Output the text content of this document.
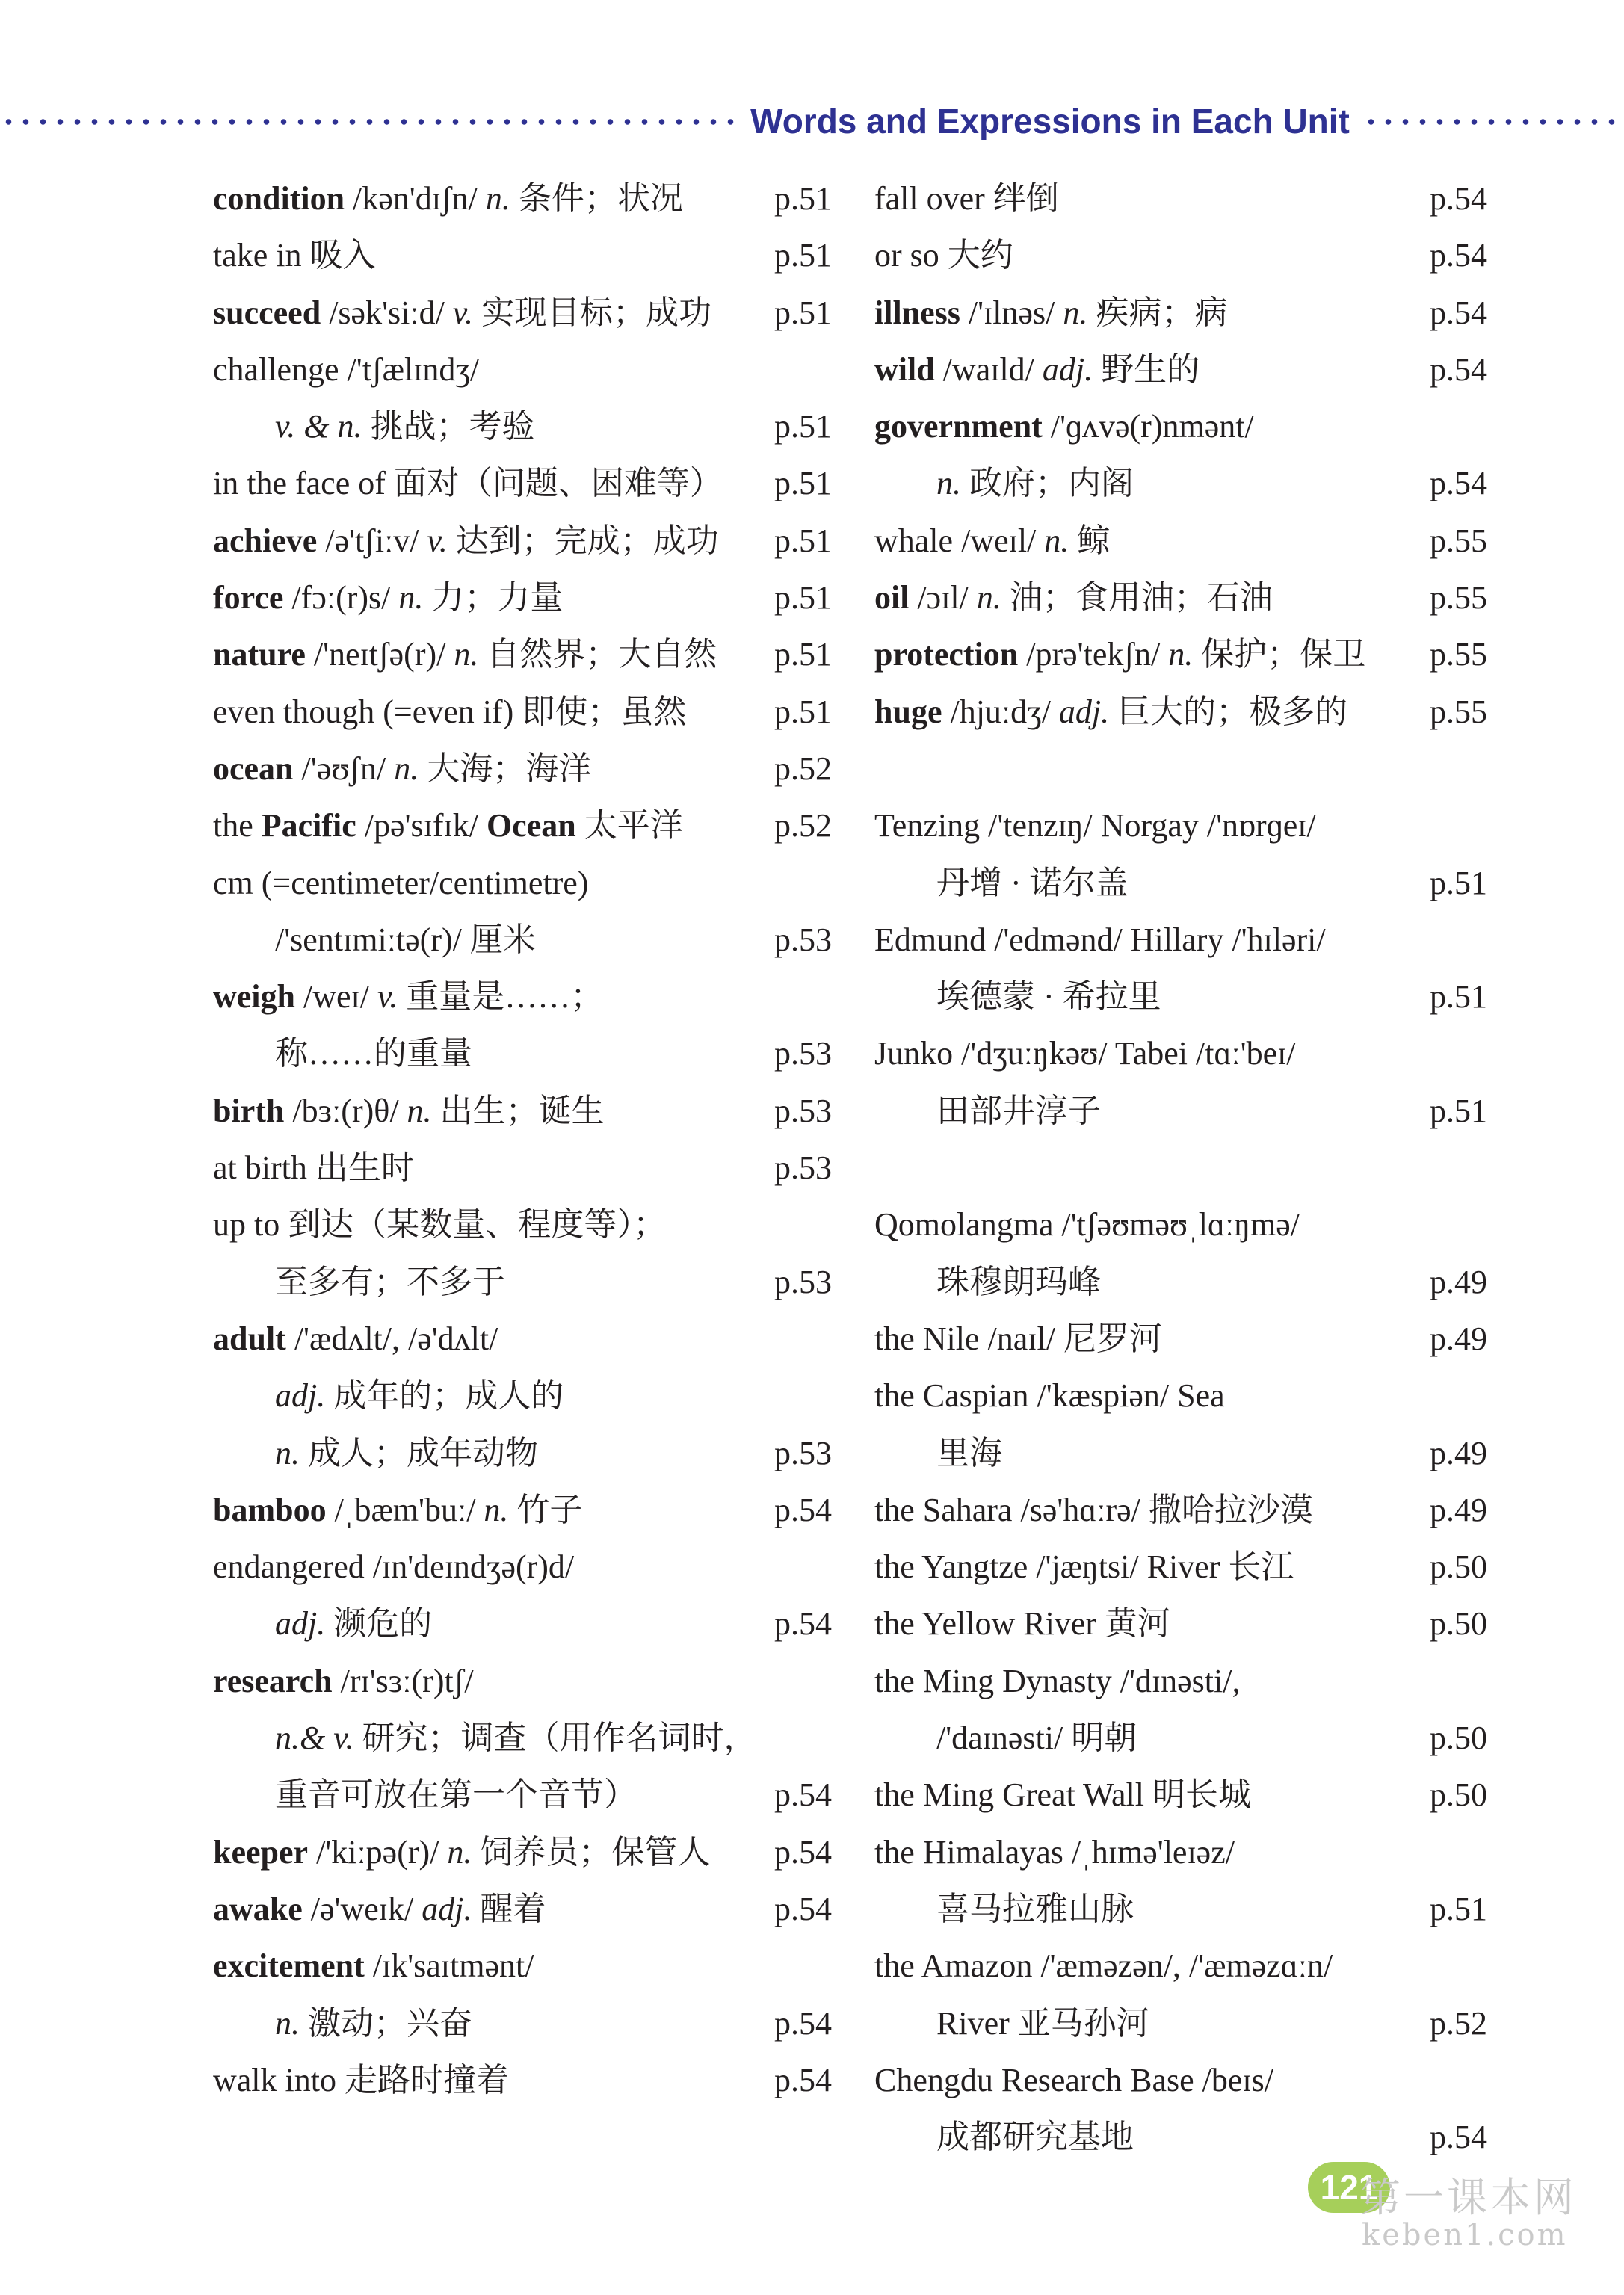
Words and Expressions in Each Unit
condition /kən'dɪʃn/ n. 条件；状况	p.51
take in 吸入	p.51
succeed /sək'siːd/ v. 实现目标；成功 p.51
challenge /'tʃælɪndʒ/
v. & n. 挑战；考验	p.51
in the face of 面对（问题、困难等） p.51
achieve /ə'tʃiːv/ v. 达到；完成；成功 p.51
force /fɔː(r)s/ n. 力；力量	p.51
nature /'neɪtʃə(r)/ n. 自然界；大自然 p.51
even though (=even if) 即使；虽然	p.51
ocean /'əʊʃn/ n. 大海；海洋	p.52
the Pacific /pə'sɪfɪk/ Ocean 太平洋	p.52
cm (=centimeter/centimetre)
/'sentɪmiːtə(r)/ 厘米	p.53
weigh /weɪ/ v. 重量是……；
称……的重量	p.53
birth /bɜː(r)θ/ n. 出生；诞生	p.53
at birth 出生时	p.53
up to 到达（某数量、程度等）；
至多有；不多于	p.53
adult /'ædʌlt/, /ə'dʌlt/
adj. 成年的；成人的
n. 成人；成年动物	p.53
bamboo /ˌbæm'buː/ n. 竹子	p.54
endangered /ɪn'deɪndʒə(r)d/
adj. 濒危的	p.54
research /rɪ'sɜː(r)tʃ/
n.& v. 研究；调查（用作名词时，
重音可放在第一个音节）	p.54
keeper /'kiːpə(r)/ n. 饲养员；保管人 p.54
awake /ə'weɪk/ adj. 醒着	p.54
excitement /ɪk'saɪtmənt/
n. 激动；兴奋	p.54
walk into 走路时撞着	p.54
fall over 绊倒	p.54
or so 大约	p.54
illness /'ɪlnəs/ n. 疾病；病	p.54
wild /waɪld/ adj. 野生的	p.54
government /'ɡʌvə(r)nmənt/
n. 政府；内阁	p.54
whale /weɪl/ n. 鲸	p.55
oil /ɔɪl/ n. 油；食用油；石油	p.55
protection /prə'tekʃn/ n. 保护；保卫 p.55
huge /hjuːdʒ/ adj. 巨大的；极多的 p.55
Tenzing /'tenzɪŋ/ Norgay /'nɒrɡeɪ/
丹增 · 诺尔盖	p.51
Edmund /'edmənd/ Hillary /'hɪləri/
埃德蒙 · 希拉里	p.51
Junko /'dʒuːŋkəʊ/ Tabei /tɑː'beɪ/
田部井淳子	p.51
Qomolangma /'tʃəʊməʊˌlɑːŋmə/
珠穆朗玛峰	p.49
the Nile /naɪl/ 尼罗河	p.49
the Caspian /'kæspiən/ Sea
里海	p.49
the Sahara /sə'hɑːrə/ 撒哈拉沙漠	p.49
the Yangtze /'jæŋtsi/ River 长江	p.50
the Yellow River 黄河	p.50
the Ming Dynasty /'dɪnəsti/,
/'daɪnəsti/ 明朝	p.50
the Ming Great Wall 明长城	p.50
the Himalayas /ˌhɪmə'leɪəz/
喜马拉雅山脉	p.51
the Amazon /'æməzən/, /'æməzɑːn/
River 亚马孙河	p.52
Chengdu Research Base /beɪs/
成都研究基地	p.54
121
第一课本网
keben1.com
